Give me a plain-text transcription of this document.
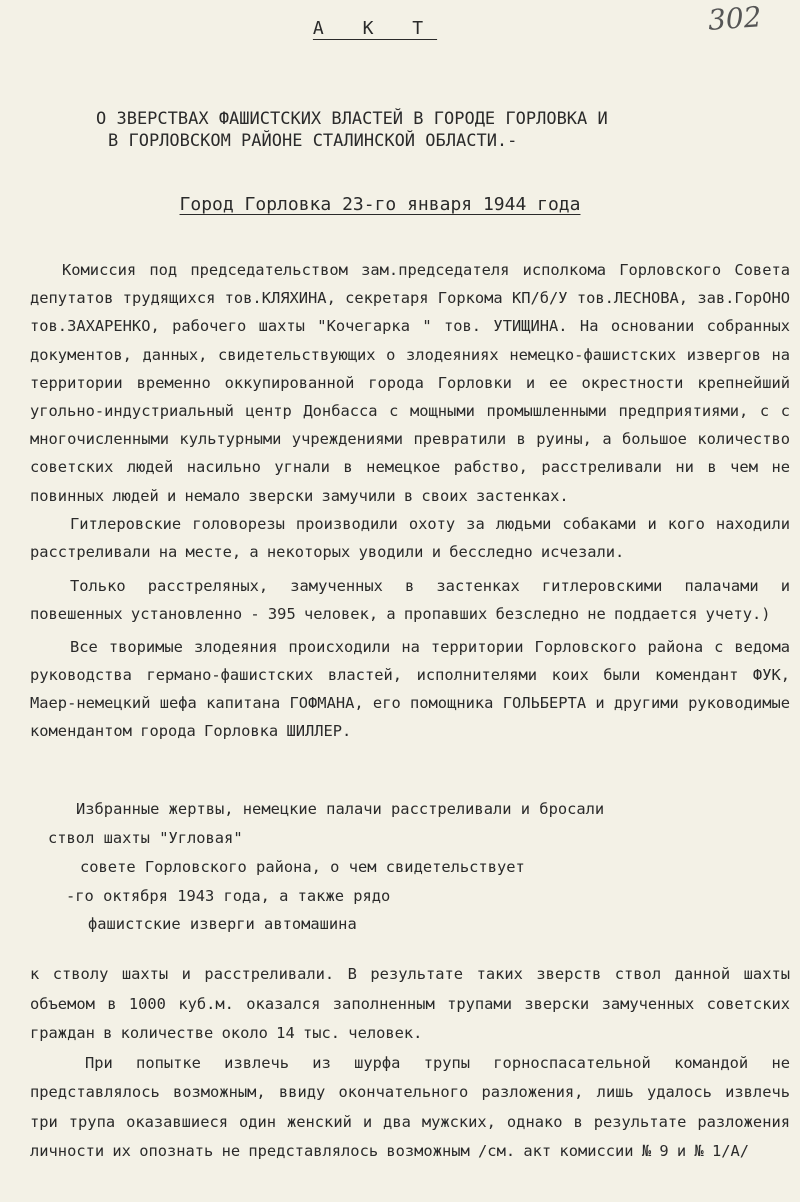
302
А К Т
О ЗВЕРСТВАХ ФАШИСТСКИХ ВЛАСТЕЙ В ГОРОДЕ ГОРЛОВКА И
В ГОРЛОВСКОМ РАЙОНЕ СТАЛИНСКОЙ ОБЛАСТИ.-
Город Горловка 23-го января 1944 года

Комиссия под председательством зам.председателя исполкома Горловского Совета депутатов трудящихся тов.КЛЯХИНА, секретаря Горкома КП/б/У тов.ЛЕСНОВА, зав.ГорОНО тов.ЗАХАРЕНКО, рабочего шахты "Кочегарка " тов. УТИЩИНА. На основании собранных документов, данных, свидетельствующих о злодеяниях немецко-фашистских извергов на территории временно оккупированной города Горловки и ее окрестности крепнейший угольно-индустриальный центр Донбасса с мощными промышленными предприятиями, с с многочисленными культурными учреждениями превратили в руины, а большое количество советских людей насильно угнали в немецкое рабство, расстреливали ни в чем не повинных людей и немало зверски замучили в своих застенках.

Гитлеровские головорезы производили охоту за людьми собаками и кого находили расстреливали на месте, а некоторых уводили и бесследно исчезали.

Только расстреляных, замученных в застенках гитлеровскими палачами и повешенных установленно - 395 человек, а пропавших безследно не поддается учету.)

Все творимые злодеяния происходили на территории Горловского района с ведома руководства германо-фашистских властей, исполнителями коих были комендант ФУК, Маер-немецкий шефа капитана ГОФМАНА, его помощника ГОЛЬБЕРТА и другими руководимые комендантом города Горловка ШИЛЛЕР.

Избранные жертвы, немецкие палачи расстреливали и бросали
ствол шахты "Угловая"
совете Горловского района, о чем свидетельствует
-го октября 1943 года, а также рядо
фашистские изверги автомашина

к стволу шахты и расстреливали. В результате таких зверств ствол данной шахты объемом в 1000 куб.м. оказался заполненным трупами зверски замученных советских граждан в количестве около 14 тыс. человек.

При попытке извлечь из шурфа трупы горноспасательной командой не представлялось возможным, ввиду окончательного разложения, лишь удалось извлечь три трупа оказавшиеся один женский и два мужских, однако в результате разложения личности их опознать не представлялось возможным /см. акт комиссии № 9 и № 1/А/
